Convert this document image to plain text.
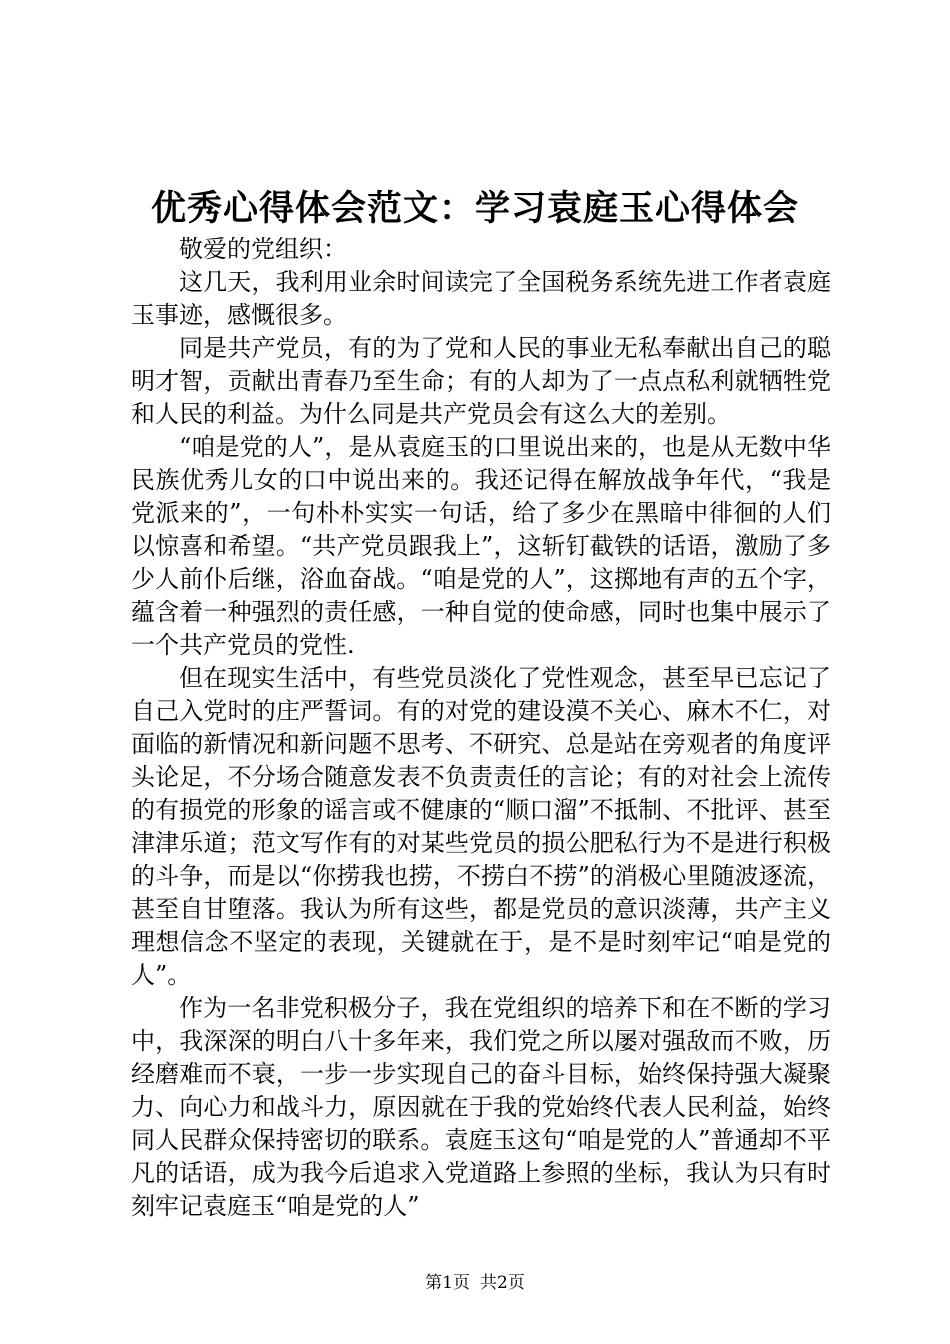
优秀心得体会范文：学习袁庭玉心得体会

敬爱的党组织：

这几天，我利用业余时间读完了全国税务系统先进工作者袁庭玉事迹，感慨很多。

同是共产党员，有的为了党和人民的事业无私奉献出自己的聪明才智，贡献出青春乃至生命；有的人却为了一点点私利就牺牲党和人民的利益。为什么同是共产党员会有这么大的差别。

“咱是党的人”，是从袁庭玉的口里说出来的，也是从无数中华民族优秀儿女的口中说出来的。我还记得在解放战争年代，“我是党派来的”，一句朴朴实实一句话，给了多少在黑暗中徘徊的人们以惊喜和希望。“共产党员跟我上”，这斩钉截铁的话语，激励了多少人前仆后继，浴血奋战。“咱是党的人”，这掷地有声的五个字，蕴含着一种强烈的责任感，一种自觉的使命感，同时也集中展示了一个共产党员的党性.

但在现实生活中，有些党员淡化了党性观念，甚至早已忘记了自己入党时的庄严誓词。有的对党的建设漠不关心、麻木不仁，对面临的新情况和新问题不思考、不研究、总是站在旁观者的角度评头论足，不分场合随意发表不负责责任的言论；有的对社会上流传的有损党的形象的谣言或不健康的“顺口溜”不抵制、不批评、甚至津津乐道；范文写作有的对某些党员的损公肥私行为不是进行积极的斗争，而是以“你捞我也捞，不捞白不捞”的消极心里随波逐流，甚至自甘堕落。我认为所有这些，都是党员的意识淡薄，共产主义理想信念不坚定的表现，关键就在于，是不是时刻牢记“咱是党的人”。

作为一名非党积极分子，我在党组织的培养下和在不断的学习中，我深深的明白八十多年来，我们党之所以屡对强敌而不败，历经磨难而不衰，一步一步实现自己的奋斗目标，始终保持强大凝聚力、向心力和战斗力，原因就在于我的党始终代表人民利益，始终同人民群众保持密切的联系。袁庭玉这句“咱是党的人”普通却不平凡的话语，成为我今后追求入党道路上参照的坐标，我认为只有时刻牢记袁庭玉“咱是党的人”

第1页 共2页
